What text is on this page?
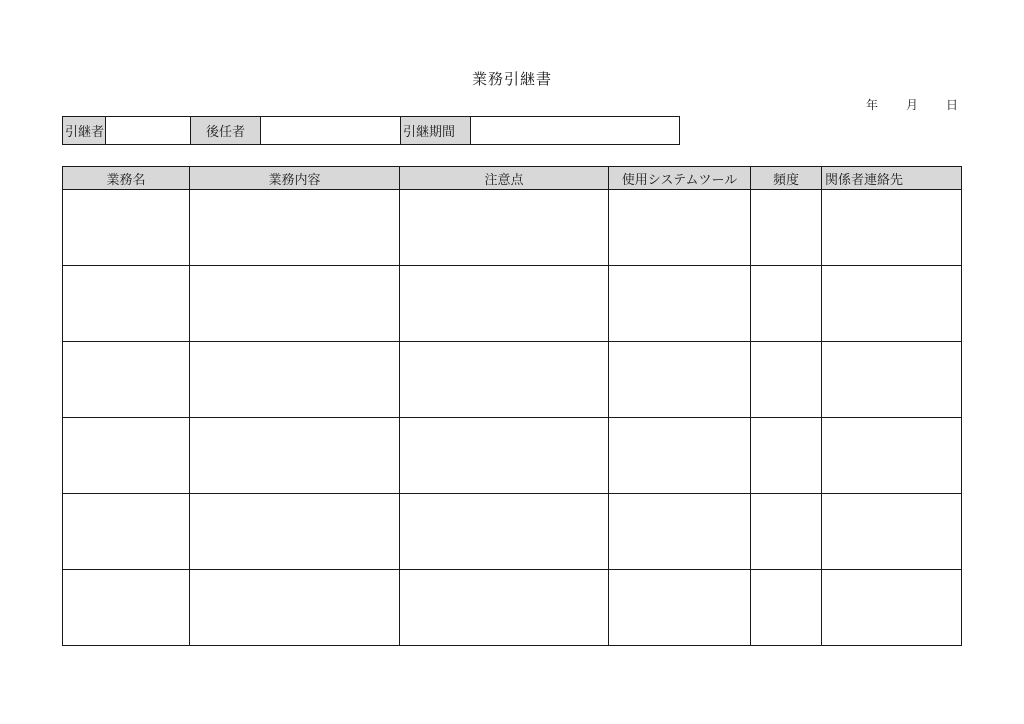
業務引継書
年 月 日
引継者	後任者	引継期間
業務名	業務内容	注意点	使用システムツール	頻度	関係者連絡先
